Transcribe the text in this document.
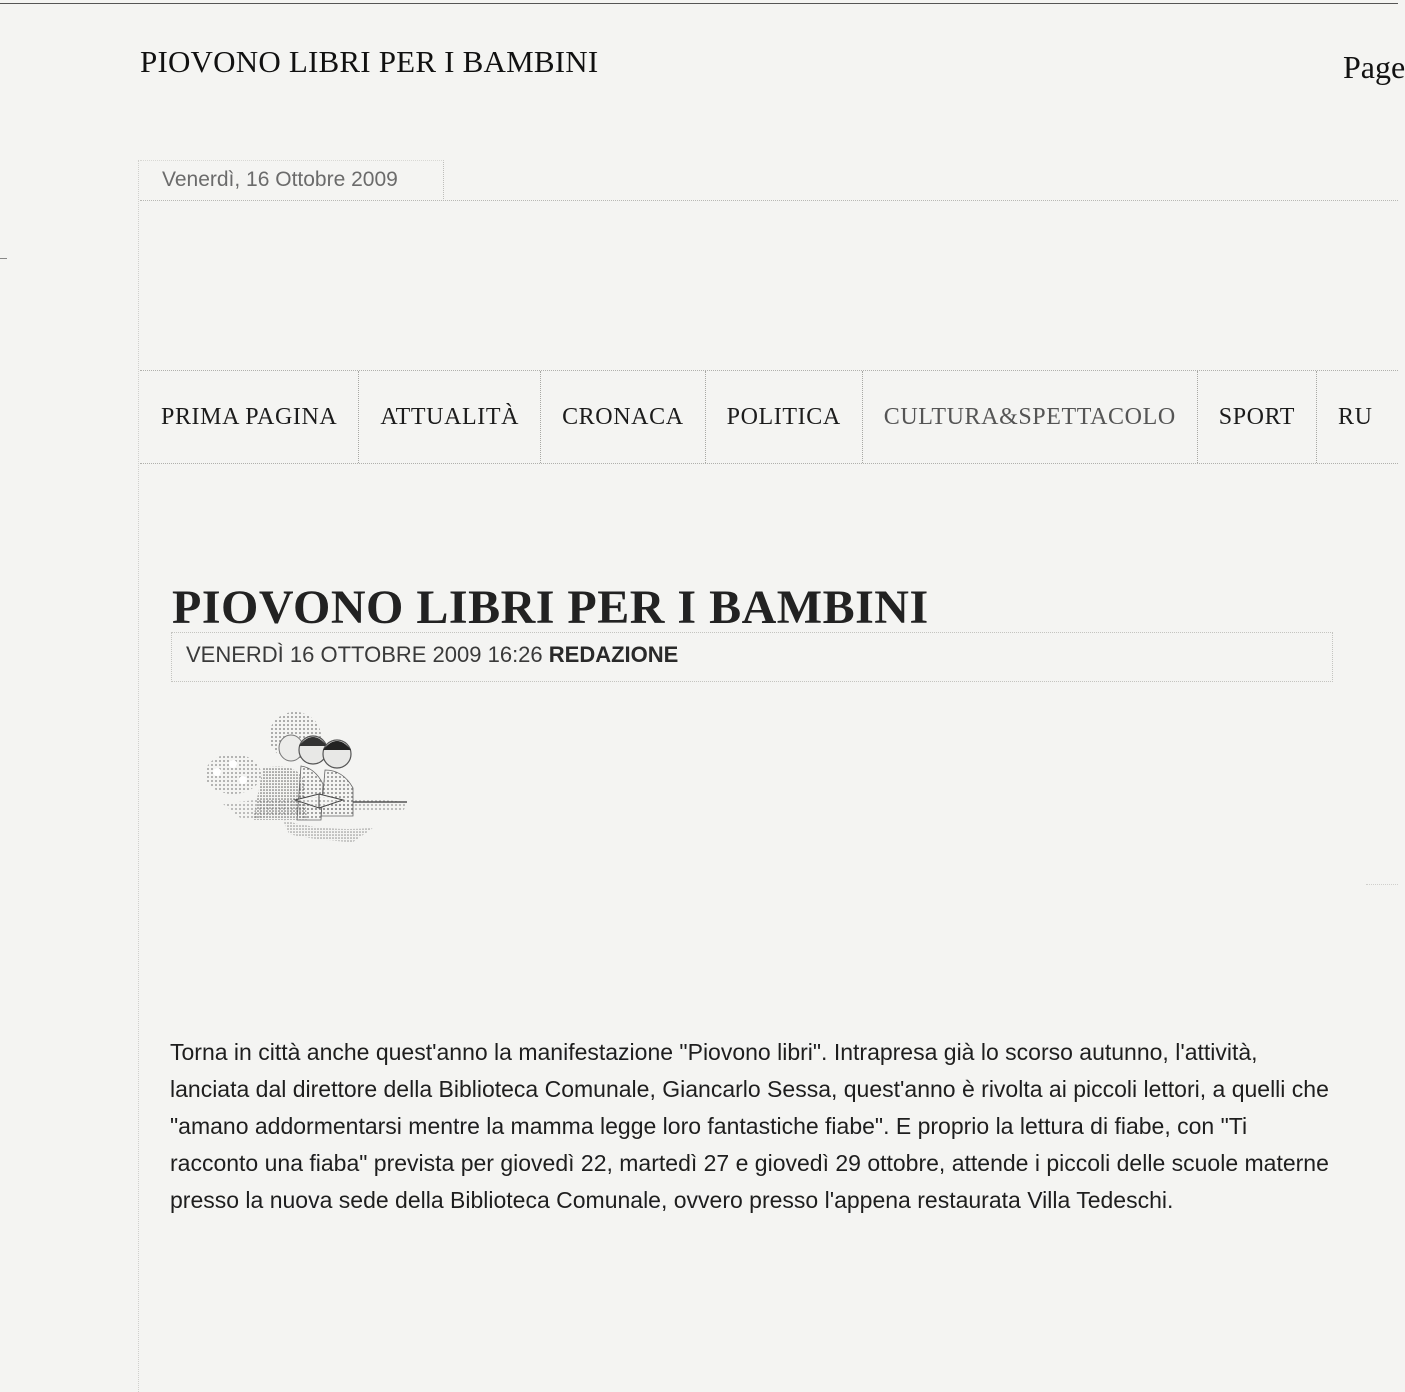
PIOVONO LIBRI PER I BAMBINI	Page
Venerdì, 16 Ottobre 2009
PRIMA PAGINA	ATTUALITÀ	CRONACA	POLITICA	CULTURA&SPETTACOLO	SPORT	RU
PIOVONO LIBRI PER I BAMBINI
VENERDÌ 16 OTTOBRE 2009 16:26 REDAZIONE

Torna in città anche quest'anno la manifestazione "Piovono libri". Intrapresa già lo scorso autunno, l'attività, lanciata dal direttore della Biblioteca Comunale, Giancarlo Sessa, quest'anno è rivolta ai piccoli lettori, a quelli che "amano addormentarsi mentre la mamma legge loro fantastiche fiabe". E proprio la lettura di fiabe, con "Ti racconto una fiaba" prevista per giovedì 22, martedì 27 e giovedì 29 ottobre, attende i piccoli delle scuole materne presso la nuova sede della Biblioteca Comunale, ovvero presso l'appena restaurata Villa Tedeschi.
